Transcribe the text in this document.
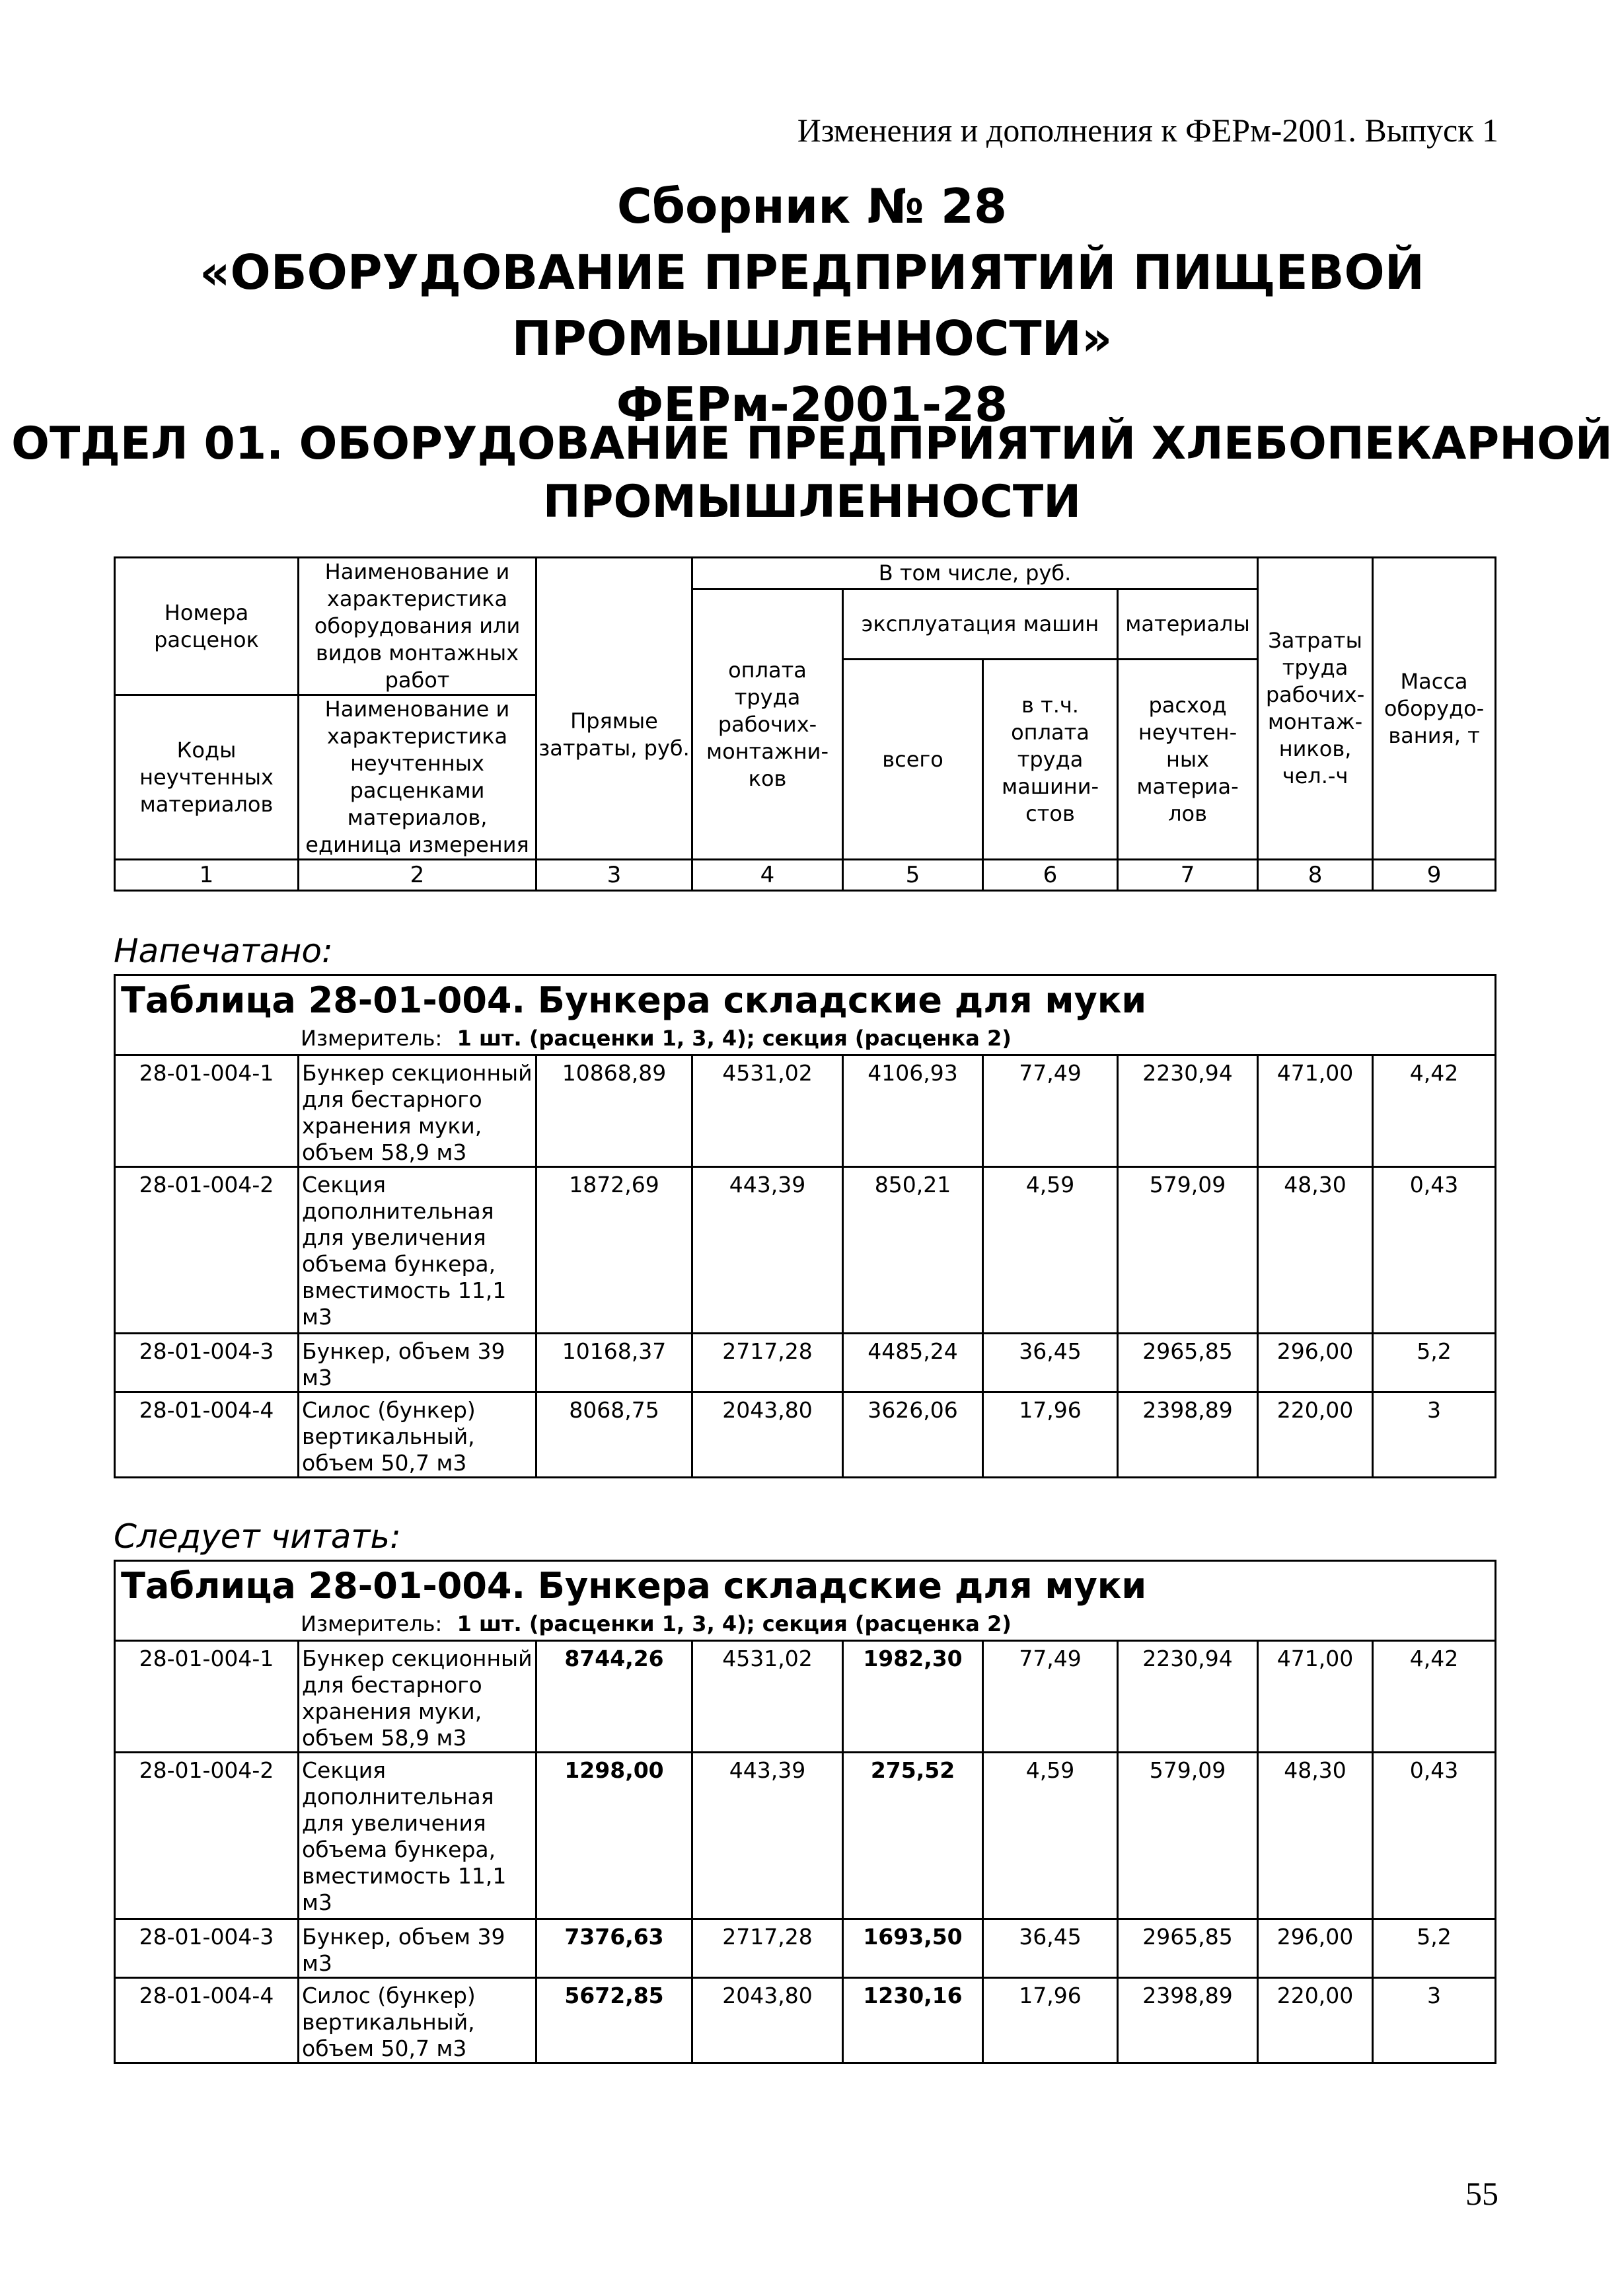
Изменения и дополнения к ФЕРм-2001. Выпуск 1
Сборник № 28
«ОБОРУДОВАНИЕ ПРЕДПРИЯТИЙ ПИЩЕВОЙ
ПРОМЫШЛЕННОСТИ»
ФЕРм-2001-28
ОТДЕЛ 01. ОБОРУДОВАНИЕ ПРЕДПРИЯТИЙ ХЛЕБОПЕКАРНОЙ
ПРОМЫШЛЕННОСТИ
Номера расценок	Наименование и характеристика оборудования или видов монтажных работ	Прямые затраты, руб.	В том числе, руб.				Затраты труда рабочих-монтаж-ников, чел.-ч	Масса оборудо-вания, т
			оплата труда рабочих-монтажни-ков	эксплуатация машин		материалы		
				всего	в т.ч. оплата труда машини-стов	расход неучтен-ных материа-лов		
Коды неучтенных материалов	Наименование и характеристика неучтенных расценками материалов, единица измерения							
1	2	3	4	5	6	7	8	9
Напечатано:
Таблица 28-01-004. Бункера складские для муки								
Измеритель: 1 шт. (расценки 1, 3, 4); секция (расценка 2)								
28-01-004-1	Бункер секционный для бестарного хранения муки, объем 58,9 м3	10868,89	4531,02	4106,93	77,49	2230,94	471,00	4,42
28-01-004-2	Секция дополнительная для увеличения объема бункера, вместимость 11,1 м3	1872,69	443,39	850,21	4,59	579,09	48,30	0,43
28-01-004-3	Бункер, объем 39 м3	10168,37	2717,28	4485,24	36,45	2965,85	296,00	5,2
28-01-004-4	Силос (бункер) вертикальный, объем 50,7 м3	8068,75	2043,80	3626,06	17,96	2398,89	220,00	3
Следует читать:
Таблица 28-01-004. Бункера складские для муки								
Измеритель: 1 шт. (расценки 1, 3, 4); секция (расценка 2)								
28-01-004-1	Бункер секционный для бестарного хранения муки, объем 58,9 м3	8744,26	4531,02	1982,30	77,49	2230,94	471,00	4,42
28-01-004-2	Секция дополнительная для увеличения объема бункера, вместимость 11,1 м3	1298,00	443,39	275,52	4,59	579,09	48,30	0,43
28-01-004-3	Бункер, объем 39 м3	7376,63	2717,28	1693,50	36,45	2965,85	296,00	5,2
28-01-004-4	Силос (бункер) вертикальный, объем 50,7 м3	5672,85	2043,80	1230,16	17,96	2398,89	220,00	3
55
